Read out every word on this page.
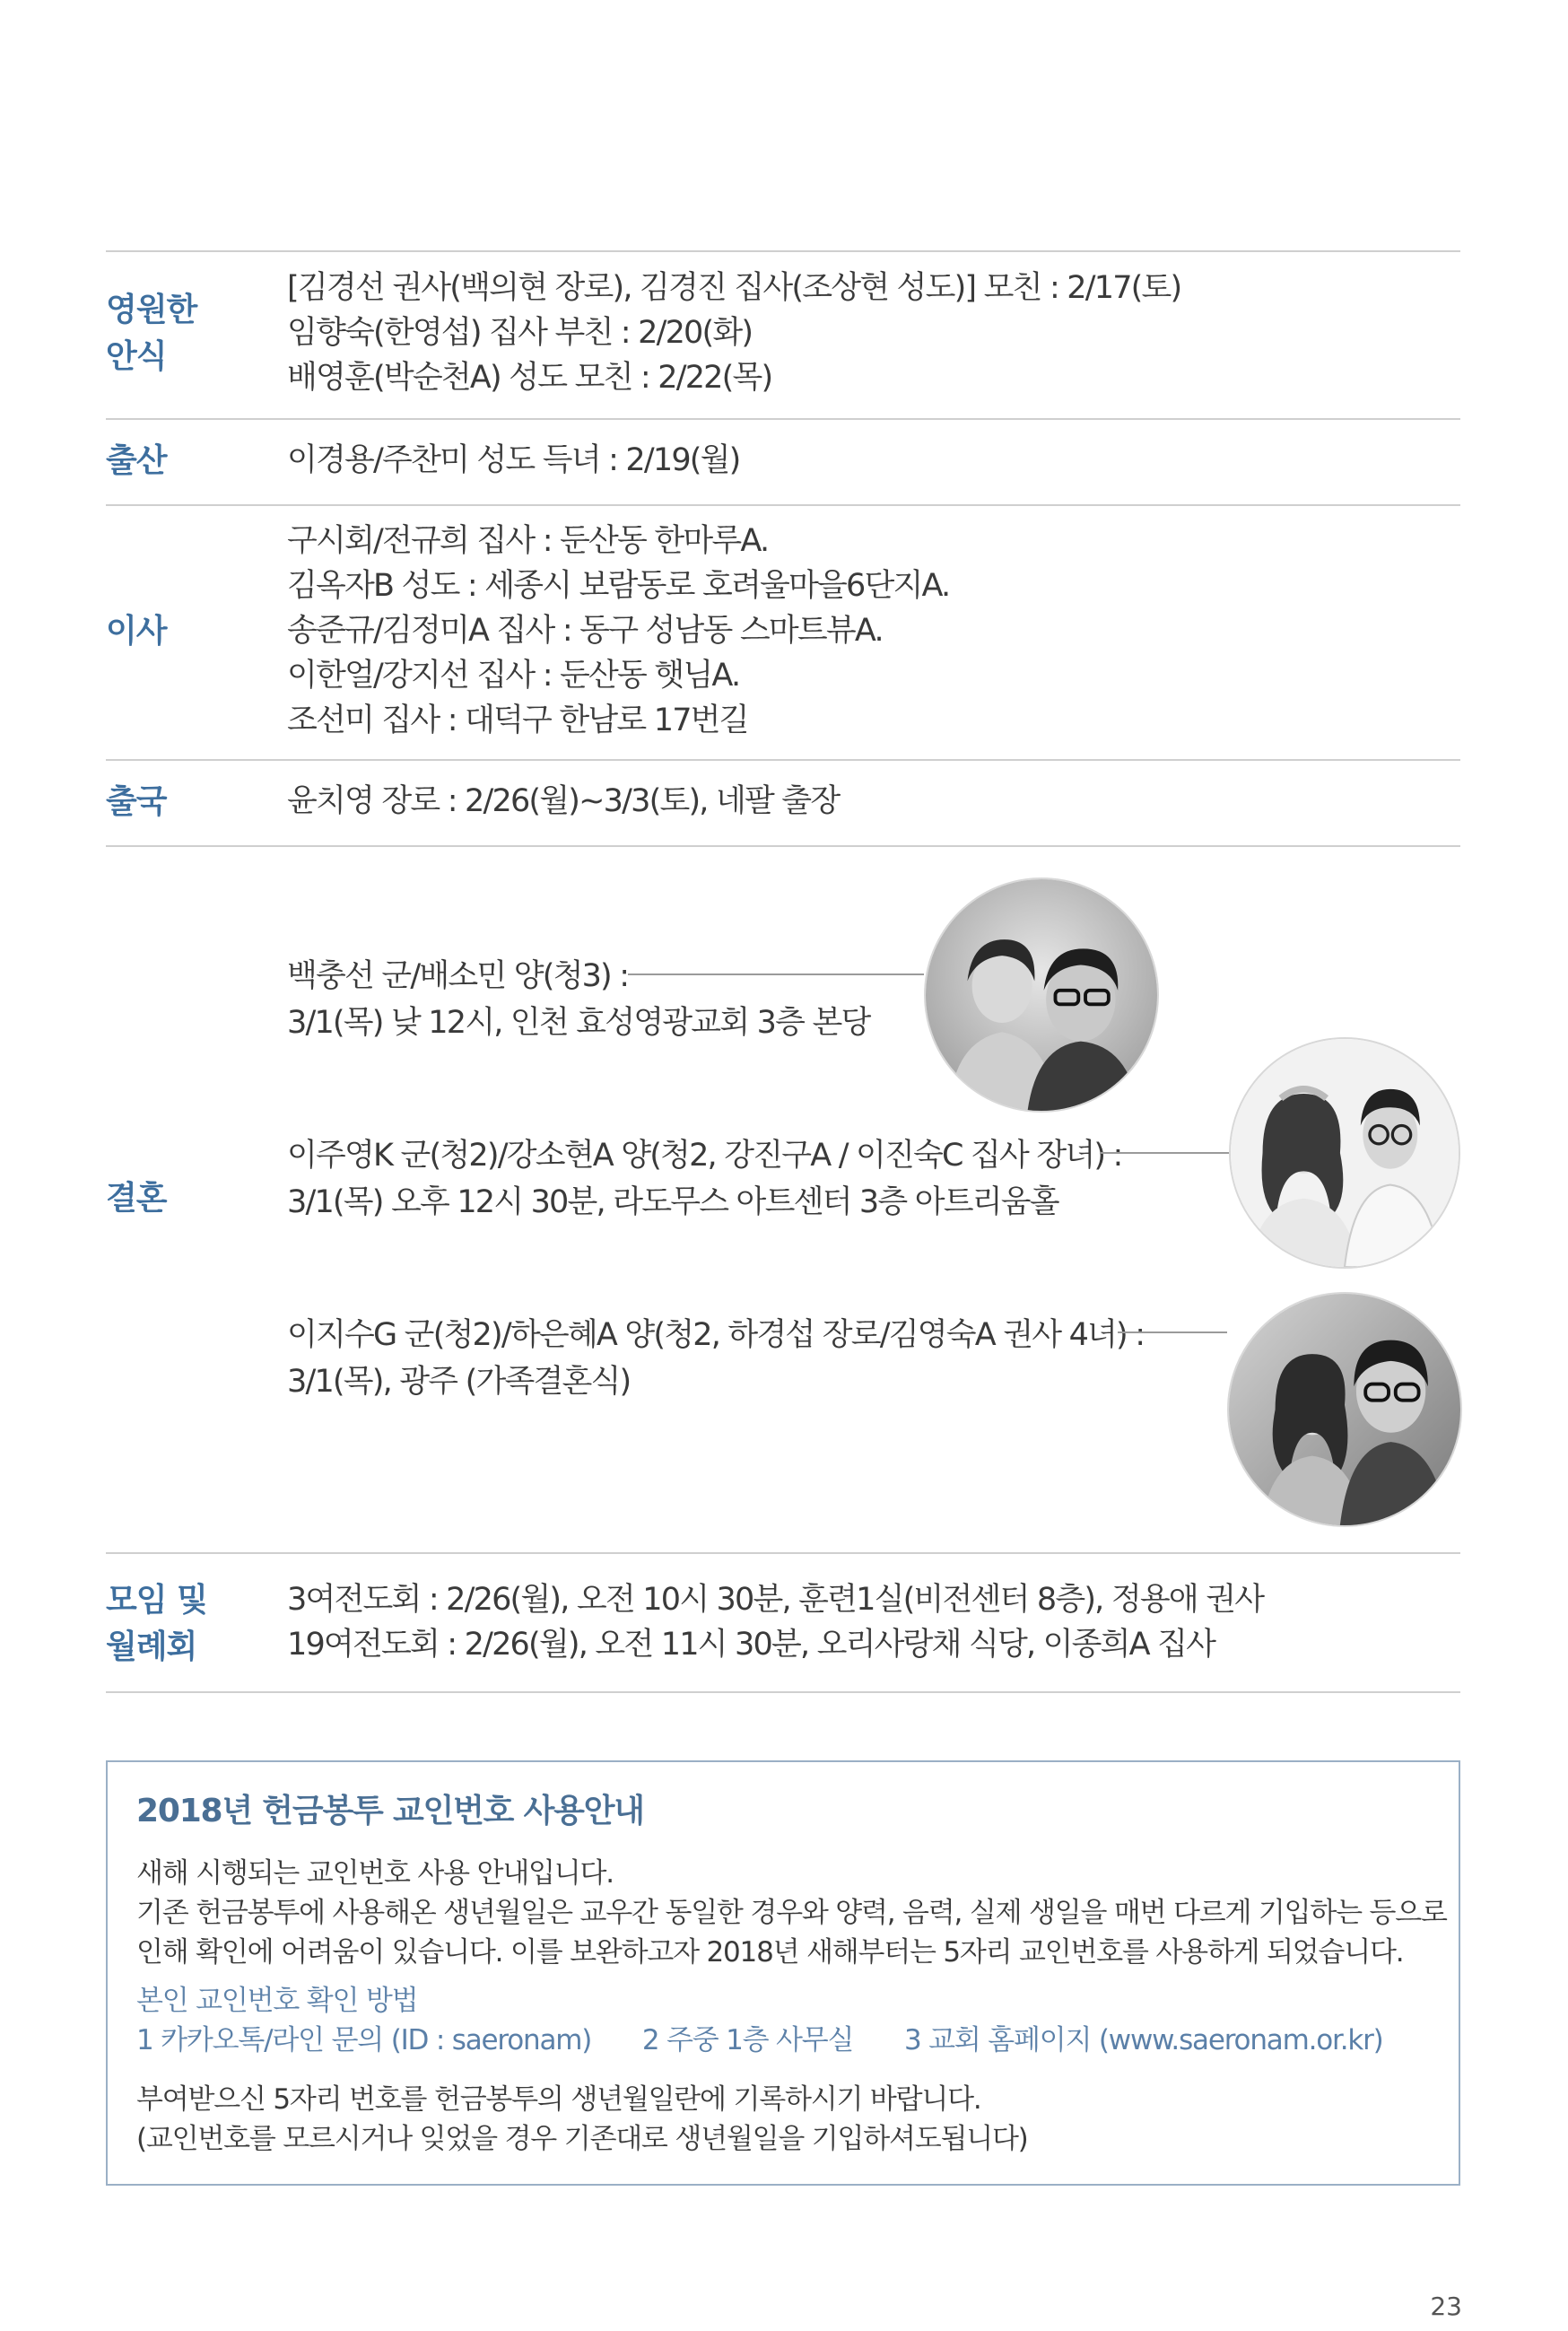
영원한
안식
[김경선 권사(백의현 장로), 김경진 집사(조상현 성도)] 모친 : 2/17(토)
임향숙(한영섭) 집사 부친 : 2/20(화)
배영훈(박순천A) 성도 모친 : 2/22(목)
출산	이경용/주찬미 성도 득녀 : 2/19(월)
이사
구시회/전규희 집사 : 둔산동 한마루A.
김옥자B 성도 : 세종시 보람동로 호려울마을6단지A.
송준규/김정미A 집사 : 동구 성남동 스마트뷰A.
이한얼/강지선 집사 : 둔산동 햇님A.
조선미 집사 : 대덕구 한남로 17번길
출국	윤치영 장로 : 2/26(월)~3/3(토), 네팔 출장
결혼
백충선 군/배소민 양(청3) :
3/1(목) 낮 12시, 인천 효성영광교회 3층 본당
이주영K 군(청2)/강소현A 양(청2, 강진구A / 이진숙C 집사 장녀) :
3/1(목) 오후 12시 30분, 라도무스 아트센터 3층 아트리움홀
이지수G 군(청2)/하은혜A 양(청2, 하경섭 장로/김영숙A 권사 4녀) :
3/1(목), 광주 (가족결혼식)
모임 및
월례회
3여전도회 : 2/26(월), 오전 10시 30분, 훈련1실(비전센터 8층), 정용애 권사
19여전도회 : 2/26(월), 오전 11시 30분, 오리사랑채 식당, 이종희A 집사
2018년 헌금봉투 교인번호 사용안내
새해 시행되는 교인번호 사용 안내입니다.
기존 헌금봉투에 사용해온 생년월일은 교우간 동일한 경우와 양력, 음력, 실제 생일을 매번 다르게 기입하는 등으로
인해 확인에 어려움이 있습니다. 이를 보완하고자 2018년 새해부터는 5자리 교인번호를 사용하게 되었습니다.
본인 교인번호 확인 방법
1 카카오톡/라인 문의 (ID : saeronam) 2 주중 1층 사무실 3 교회 홈페이지 (www.saeronam.or.kr)
부여받으신 5자리 번호를 헌금봉투의 생년월일란에 기록하시기 바랍니다.
(교인번호를 모르시거나 잊었을 경우 기존대로 생년월일을 기입하셔도됩니다)
23
